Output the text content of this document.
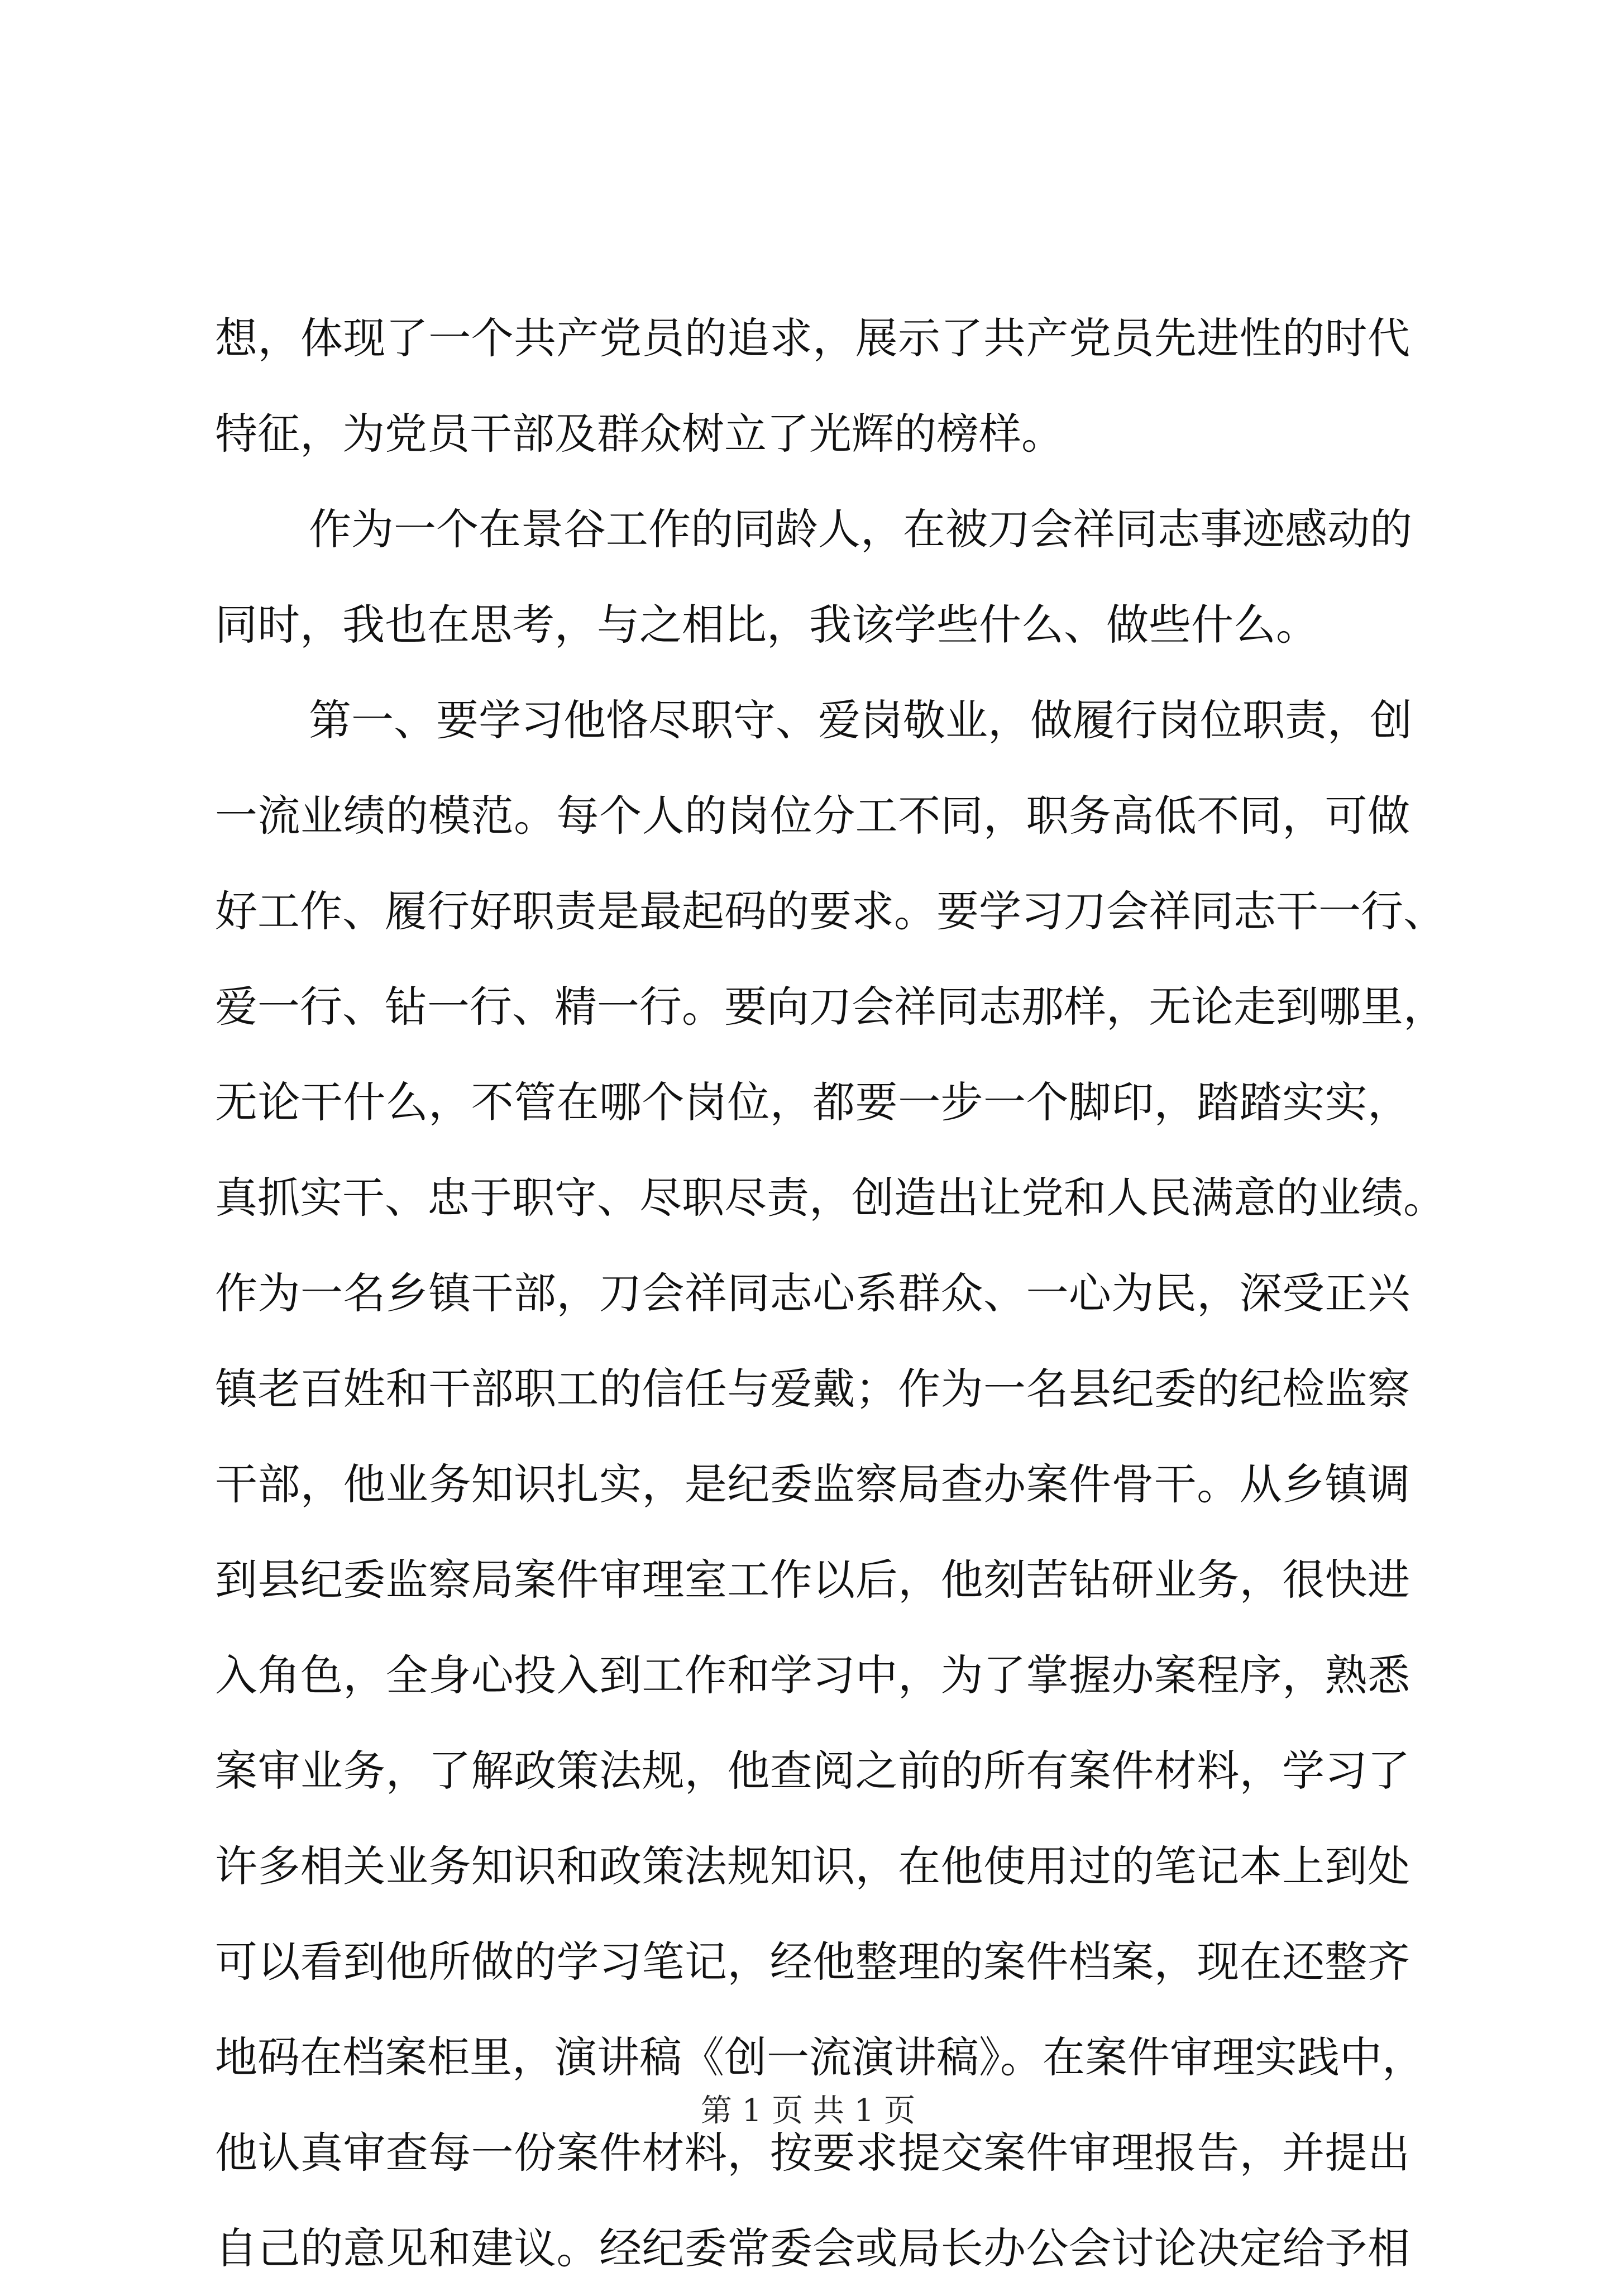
想，体现了一个共产党员的追求，展示了共产党员先进性的时代
特征，为党员干部及群众树立了光辉的榜样。
作为一个在景谷工作的同龄人，在被刀会祥同志事迹感动的
同时，我也在思考，与之相比，我该学些什么、做些什么。
第一、要学习他恪尽职守、爱岗敬业，做履行岗位职责，创
一流业绩的模范。每个人的岗位分工不同，职务高低不同，可做
好工作、履行好职责是最起码的要求。要学习刀会祥同志干一行、
爱一行、钻一行、精一行。要向刀会祥同志那样，无论走到哪里，
无论干什么，不管在哪个岗位，都要一步一个脚印，踏踏实实，
真抓实干、忠于职守、尽职尽责，创造出让党和人民满意的业绩。
作为一名乡镇干部，刀会祥同志心系群众、一心为民，深受正兴
镇老百姓和干部职工的信任与爱戴；作为一名县纪委的纪检监察
干部，他业务知识扎实，是纪委监察局查办案件骨干。从乡镇调
到县纪委监察局案件审理室工作以后，他刻苦钻研业务，很快进
入角色，全身心投入到工作和学习中，为了掌握办案程序，熟悉
案审业务，了解政策法规，他查阅之前的所有案件材料，学习了
许多相关业务知识和政策法规知识，在他使用过的笔记本上到处
可以看到他所做的学习笔记，经他整理的案件档案，现在还整齐
地码在档案柜里，演讲稿《创一流演讲稿》。在案件审理实践中，
他认真审查每一份案件材料，按要求提交案件审理报告，并提出
自己的意见和建议。经纪委常委会或局长办公会讨论决定给予相
第 1 页 共 1 页
